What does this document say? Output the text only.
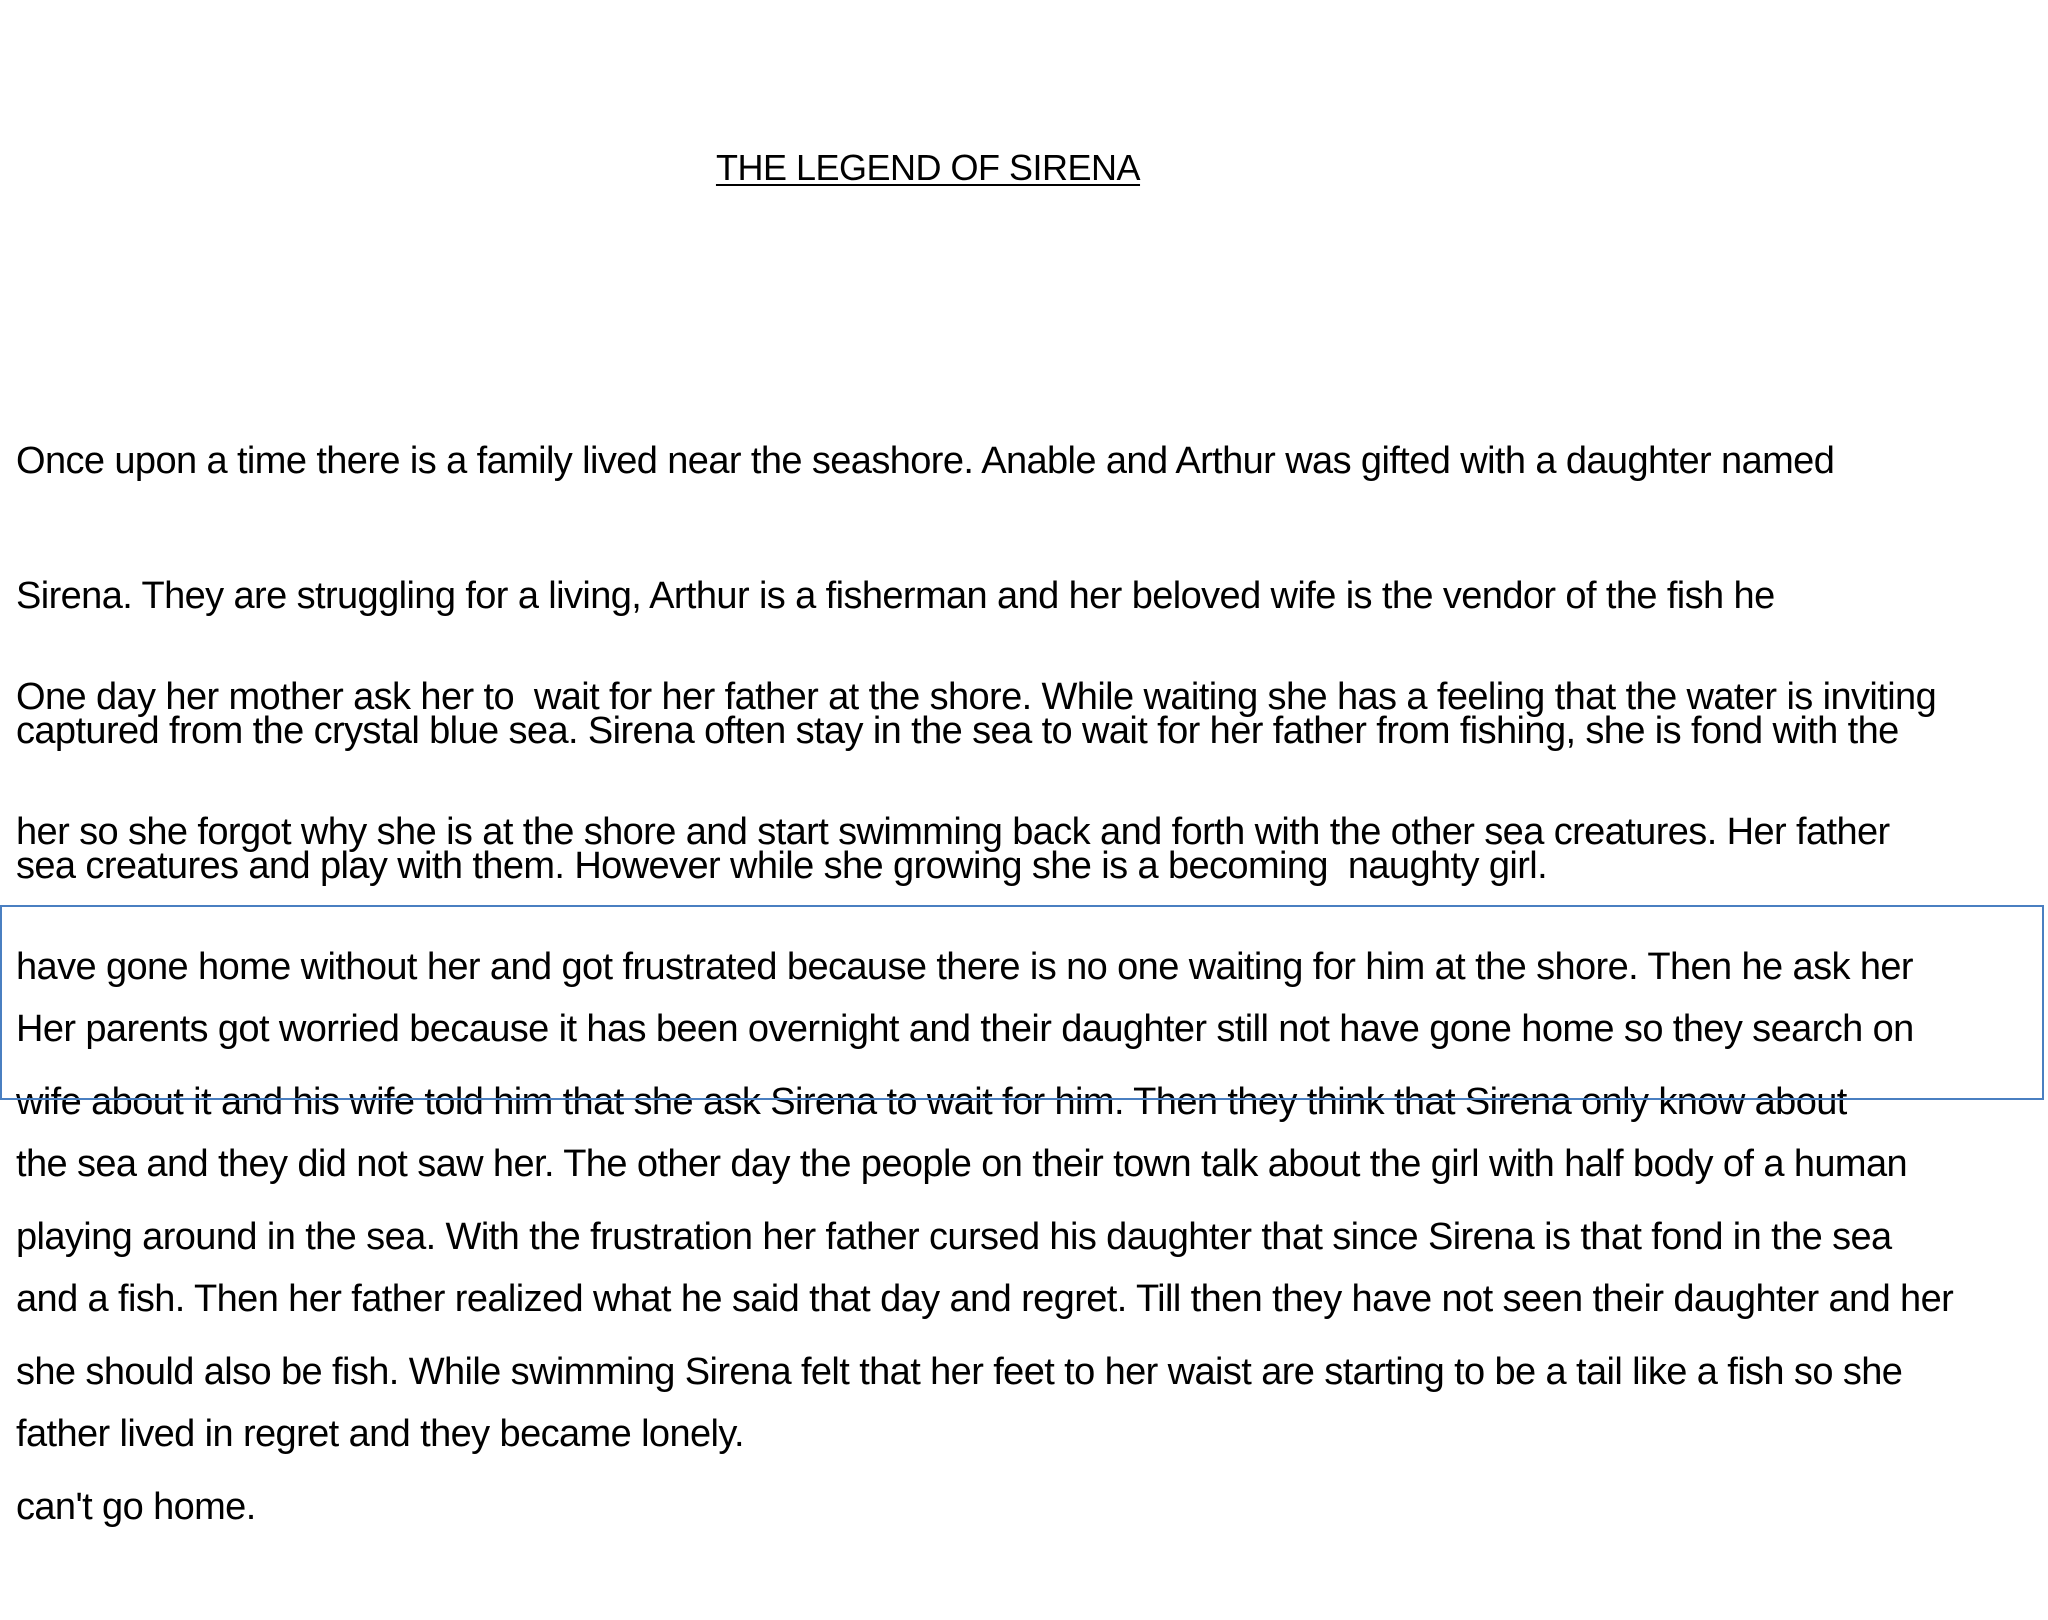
THE LEGEND OF SIRENA

Once upon a time there is a family lived near the seashore. Anable and Arthur was gifted with a daughter named

Sirena. They are struggling for a living, Arthur is a fisherman and her beloved wife is the vendor of the fish he

captured from the crystal blue sea. Sirena often stay in the sea to wait for her father from fishing, she is fond with the

sea creatures and play with them. However while she growing she is a becoming  naughty girl.

One day her mother ask her to  wait for her father at the shore. While waiting she has a feeling that the water is inviting

her so she forgot why she is at the shore and start swimming back and forth with the other sea creatures. Her father

have gone home without her and got frustrated because there is no one waiting for him at the shore. Then he ask her

wife about it and his wife told him that she ask Sirena to wait for him. Then they think that Sirena only know about

playing around in the sea. With the frustration her father cursed his daughter that since Sirena is that fond in the sea

she should also be fish. While swimming Sirena felt that her feet to her waist are starting to be a tail like a fish so she

can't go home.

Her parents got worried because it has been overnight and their daughter still not have gone home so they search on

the sea and they did not saw her. The other day the people on their town talk about the girl with half body of a human

and a fish. Then her father realized what he said that day and regret. Till then they have not seen their daughter and her

father lived in regret and they became lonely.
